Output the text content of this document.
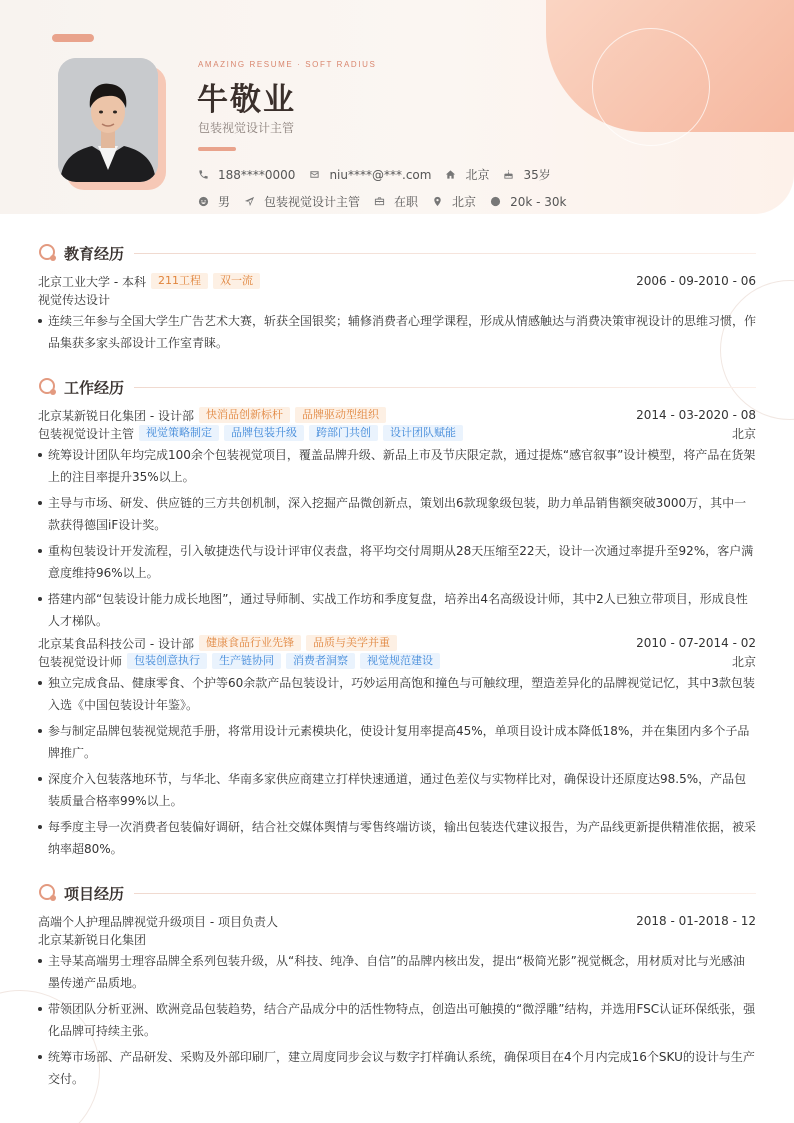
AMAZING RESUME · SOFT RADIUS
牛敬业
包装视觉设计主管
188****0000	niu****@***.com	北京	35岁
男	包装视觉设计主管	在职	北京	20k - 30k
教育经历
北京工业大学 - 本科	211工程	双一流	2006 - 09-2010 - 06
视觉传达设计
连续三年参与全国大学生广告艺术大赛，斩获全国银奖；辅修消费者心理学课程，形成从情感触达与消费决策审视设计的思维习惯，作品集获多家头部设计工作室青睐。
工作经历
北京某新锐日化集团 - 设计部	快消品创新标杆	品牌驱动型组织	2014 - 03-2020 - 08
包装视觉设计主管	视觉策略制定	品牌包装升级	跨部门共创	设计团队赋能	北京
统筹设计团队年均完成100余个包装视觉项目，覆盖品牌升级、新品上市及节庆限定款，通过提炼“感官叙事”设计模型，将产品在货架上的注目率提升35%以上。
主导与市场、研发、供应链的三方共创机制，深入挖掘产品微创新点，策划出6款现象级包装，助力单品销售额突破3000万，其中一款获得德国iF设计奖。
重构包装设计开发流程，引入敏捷迭代与设计评审仪表盘，将平均交付周期从28天压缩至22天，设计一次通过率提升至92%，客户满意度维持96%以上。
搭建内部“包装设计能力成长地图”，通过导师制、实战工作坊和季度复盘，培养出4名高级设计师，其中2人已独立带项目，形成良性人才梯队。
北京某食品科技公司 - 设计部	健康食品行业先锋	品质与美学并重	2010 - 07-2014 - 02
包装视觉设计师	包装创意执行	生产链协同	消费者洞察	视觉规范建设	北京
独立完成食品、健康零食、个护等60余款产品包装设计，巧妙运用高饱和撞色与可触纹理，塑造差异化的品牌视觉记忆，其中3款包装入选《中国包装设计年鉴》。
参与制定品牌包装视觉规范手册，将常用设计元素模块化，使设计复用率提高45%，单项目设计成本降低18%，并在集团内多个子品牌推广。
深度介入包装落地环节，与华北、华南多家供应商建立打样快速通道，通过色差仪与实物样比对，确保设计还原度达98.5%，产品包装质量合格率99%以上。
每季度主导一次消费者包装偏好调研，结合社交媒体舆情与零售终端访谈，输出包装迭代建议报告，为产品线更新提供精准依据，被采纳率超80%。
项目经历
高端个人护理品牌视觉升级项目 - 项目负责人	2018 - 01-2018 - 12
北京某新锐日化集团
主导某高端男士理容品牌全系列包装升级，从“科技、纯净、自信”的品牌内核出发，提出“极简光影”视觉概念，用材质对比与光感油墨传递产品质地。
带领团队分析亚洲、欧洲竞品包装趋势，结合产品成分中的活性物特点，创造出可触摸的“微浮雕”结构，并选用FSC认证环保纸张，强化品牌可持续主张。
统筹市场部、产品研发、采购及外部印刷厂，建立周度同步会议与数字打样确认系统，确保项目在4个月内完成16个SKU的设计与生产交付。
